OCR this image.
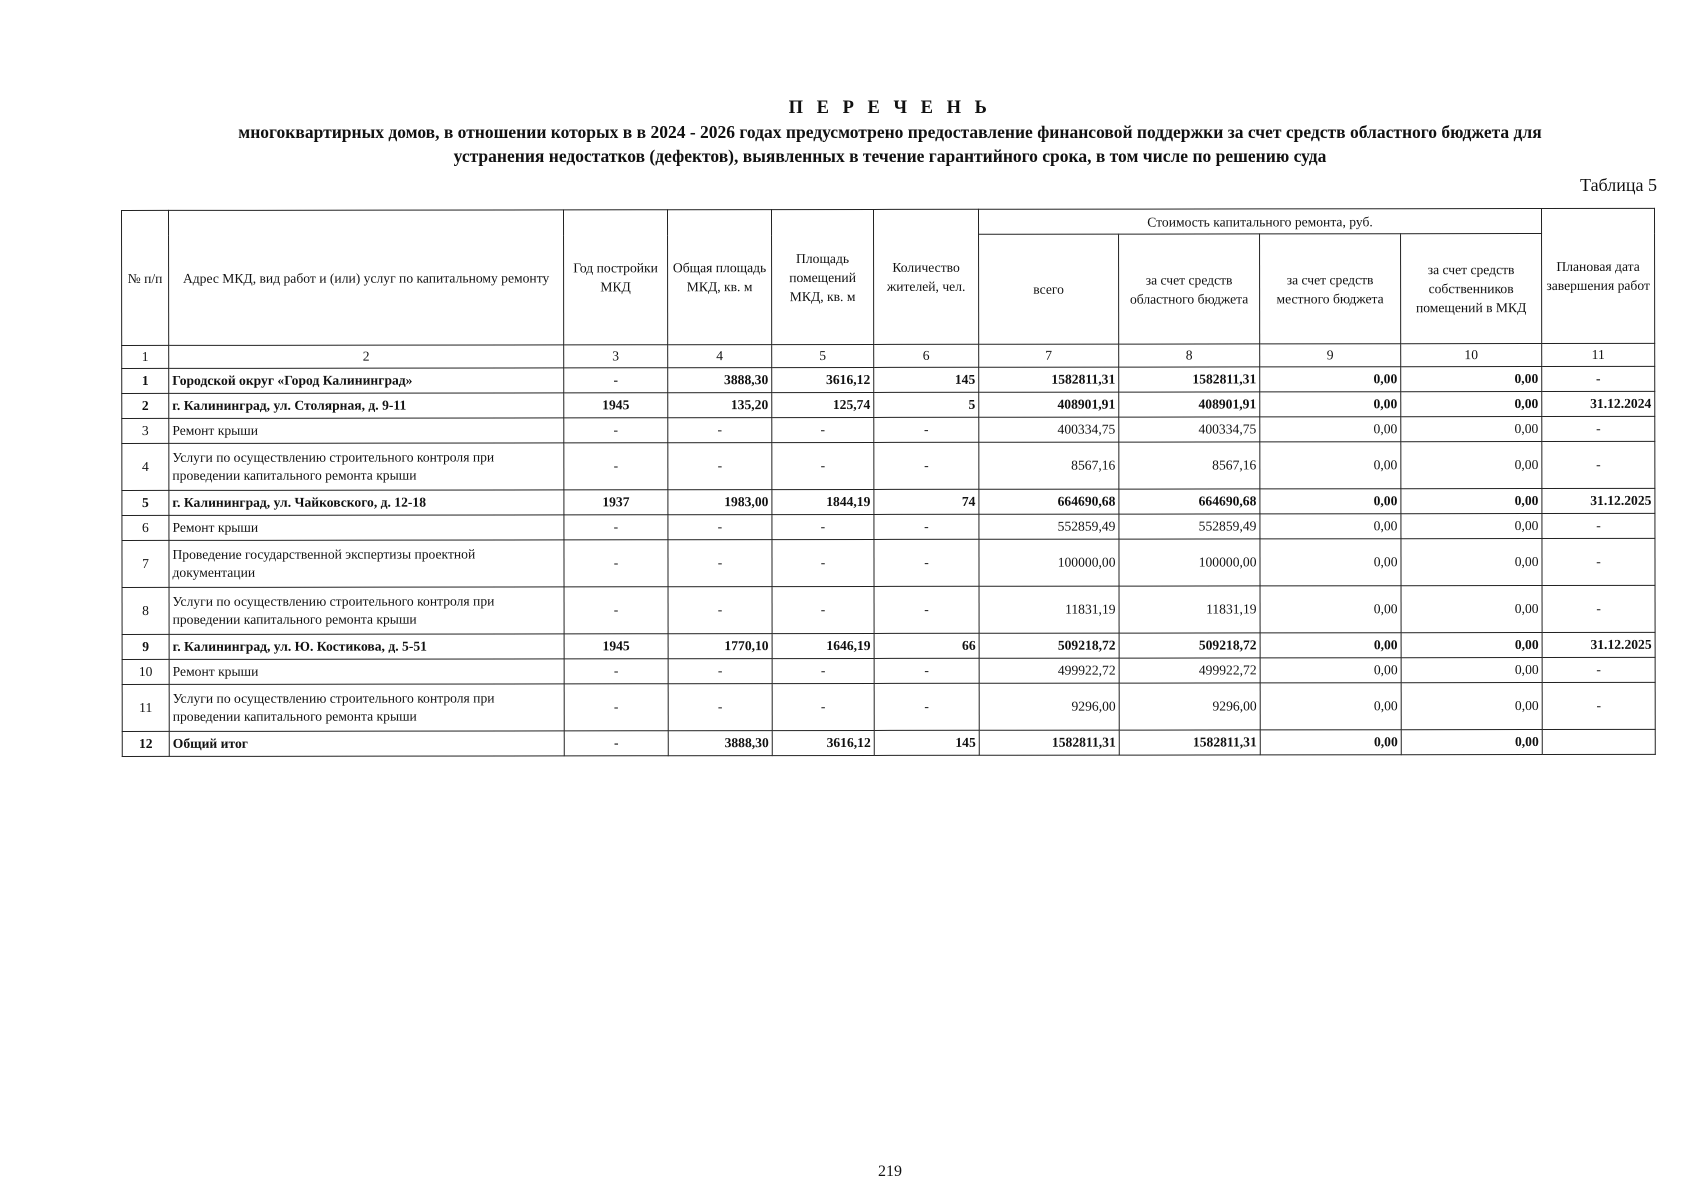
П Е Р Е Ч Е Н Ь
многоквартирных домов, в отношении которых в в 2024 - 2026 годах предусмотрено предоставление финансовой поддержки за счет средств областного бюджета для
устранения недостатков (дефектов), выявленных в течение гарантийного срока, в том числе по решению суда
Таблица 5
№ п/п	Адрес МКД, вид работ и (или) услуг по капитальному ремонту	Год постройки МКД	Общая площадь МКД, кв. м	Площадь помещений МКД, кв. м	Количество жителей, чел.	Стоимость капитального ремонта, руб.				Плановая дата завершения работ
						всего	за счет средств областного бюджета	за счет средств местного бюджета	за счет средств собственников помещений в МКД	
1	2	3	4	5	6	7	8	9	10	11
1	Городской округ «Город Калининград»	-	3888,30	3616,12	145	1582811,31	1582811,31	0,00	0,00	-
2	г. Калининград, ул. Столярная, д. 9-11	1945	135,20	125,74	5	408901,91	408901,91	0,00	0,00	31.12.2024
3	Ремонт крыши	-	-	-	-	400334,75	400334,75	0,00	0,00	-
4	Услуги по осуществлению строительного контроля при проведении капитального ремонта крыши	-	-	-	-	8567,16	8567,16	0,00	0,00	-
5	г. Калининград, ул. Чайковского, д. 12-18	1937	1983,00	1844,19	74	664690,68	664690,68	0,00	0,00	31.12.2025
6	Ремонт крыши	-	-	-	-	552859,49	552859,49	0,00	0,00	-
7	Проведение государственной экспертизы проектной документации	-	-	-	-	100000,00	100000,00	0,00	0,00	-
8	Услуги по осуществлению строительного контроля при проведении капитального ремонта крыши	-	-	-	-	11831,19	11831,19	0,00	0,00	-
9	г. Калининград, ул. Ю. Костикова, д. 5-51	1945	1770,10	1646,19	66	509218,72	509218,72	0,00	0,00	31.12.2025
10	Ремонт крыши	-	-	-	-	499922,72	499922,72	0,00	0,00	-
11	Услуги по осуществлению строительного контроля при проведении капитального ремонта крыши	-	-	-	-	9296,00	9296,00	0,00	0,00	-
12	Общий итог	-	3888,30	3616,12	145	1582811,31	1582811,31	0,00	0,00	
219
